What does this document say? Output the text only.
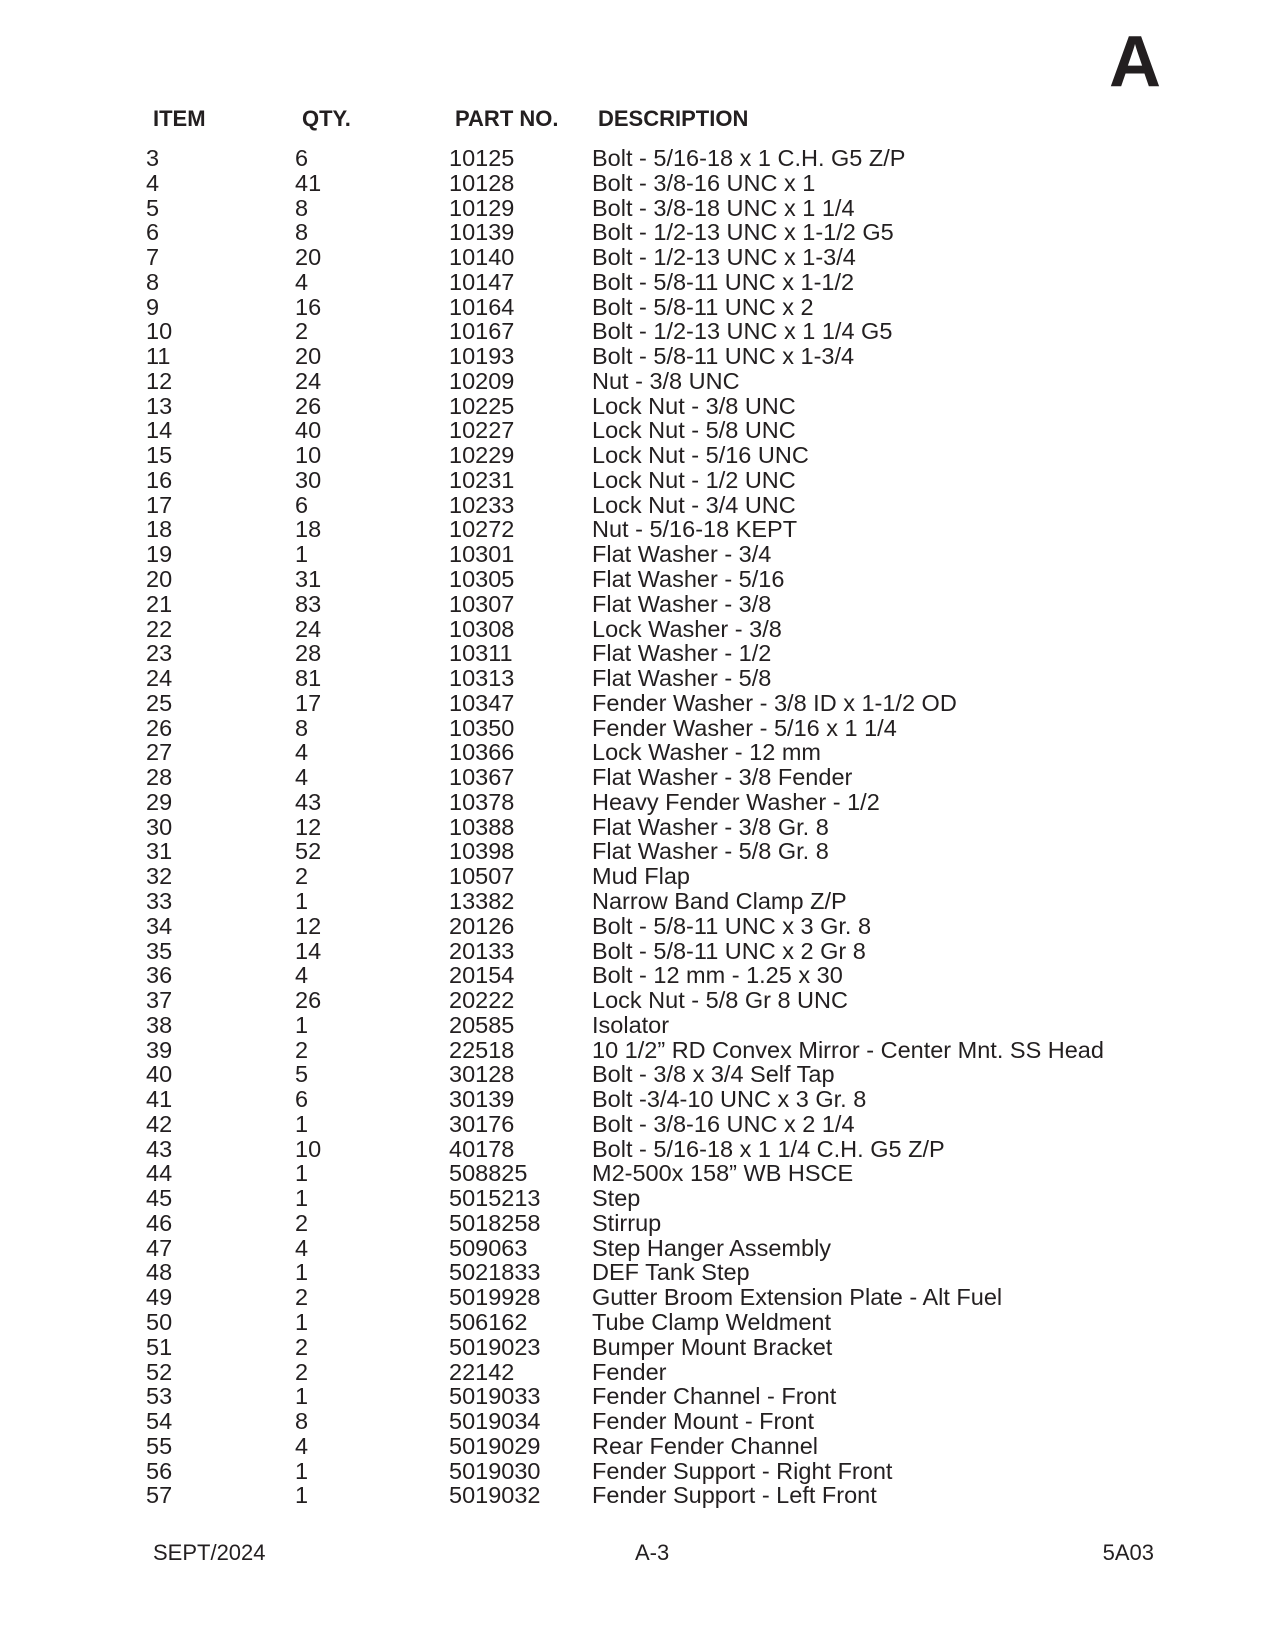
A
ITEM	QTY.	PART NO. DESCRIPTION
3	6	10125	Bolt - 5/16-18 x 1 C.H. G5 Z/P
4	41	10128	Bolt - 3/8-16 UNC x 1
5	8	10129	Bolt - 3/8-18 UNC x 1 1/4
6	8	10139	Bolt - 1/2-13 UNC x 1-1/2 G5
7	20	10140	Bolt - 1/2-13 UNC x 1-3/4
8	4	10147	Bolt - 5/8-11 UNC x 1-1/2
9	16	10164	Bolt - 5/8-11 UNC x 2
10	2	10167	Bolt - 1/2-13 UNC x 1 1/4 G5
11	20	10193	Bolt - 5/8-11 UNC x 1-3/4
12	24	10209	Nut - 3/8 UNC
13	26	10225	Lock Nut - 3/8 UNC
14	40	10227	Lock Nut - 5/8 UNC
15	10	10229	Lock Nut - 5/16 UNC
16	30	10231	Lock Nut - 1/2 UNC
17	6	10233	Lock Nut - 3/4 UNC
18	18	10272	Nut - 5/16-18 KEPT
19	1	10301	Flat Washer - 3/4
20	31	10305	Flat Washer - 5/16
21	83	10307	Flat Washer - 3/8
22	24	10308	Lock Washer - 3/8
23	28	10311	Flat Washer - 1/2
24	81	10313	Flat Washer - 5/8
25	17	10347	Fender Washer - 3/8 ID x 1-1/2 OD
26	8	10350	Fender Washer - 5/16 x 1 1/4
27	4	10366	Lock Washer - 12 mm
28	4	10367	Flat Washer - 3/8 Fender
29	43	10378	Heavy Fender Washer - 1/2
30	12	10388	Flat Washer - 3/8 Gr. 8
31	52	10398	Flat Washer - 5/8 Gr. 8
32	2	10507	Mud Flap
33	1	13382	Narrow Band Clamp Z/P
34	12	20126	Bolt - 5/8-11 UNC x 3 Gr. 8
35	14	20133	Bolt - 5/8-11 UNC x 2 Gr 8
36	4	20154	Bolt - 12 mm - 1.25 x 30
37	26	20222	Lock Nut - 5/8 Gr 8 UNC
38	1	20585	Isolator
39	2	22518	10 1/2” RD Convex Mirror - Center Mnt. SS Head
40	5	30128	Bolt - 3/8 x 3/4 Self Tap
41	6	30139	Bolt -3/4-10 UNC x 3 Gr. 8
42	1	30176	Bolt - 3/8-16 UNC x 2 1/4
43	10	40178	Bolt - 5/16-18 x 1 1/4 C.H. G5 Z/P
44	1	508825	M2-500x 158” WB HSCE
45	1	5015213 Step
46	2	5018258 Stirrup
47	4	509063	Step Hanger Assembly
48	1	5021833 DEF Tank Step
49	2	5019928 Gutter Broom Extension Plate - Alt Fuel
50	1	506162	Tube Clamp Weldment
51	2	5019023 Bumper Mount Bracket
52	2	22142	Fender
53	1	5019033 Fender Channel - Front
54	8	5019034 Fender Mount - Front
55	4	5019029 Rear Fender Channel
56	1	5019030 Fender Support - Right Front
57	1	5019032 Fender Support - Left Front
SEPT/2024	A-3	5A03
